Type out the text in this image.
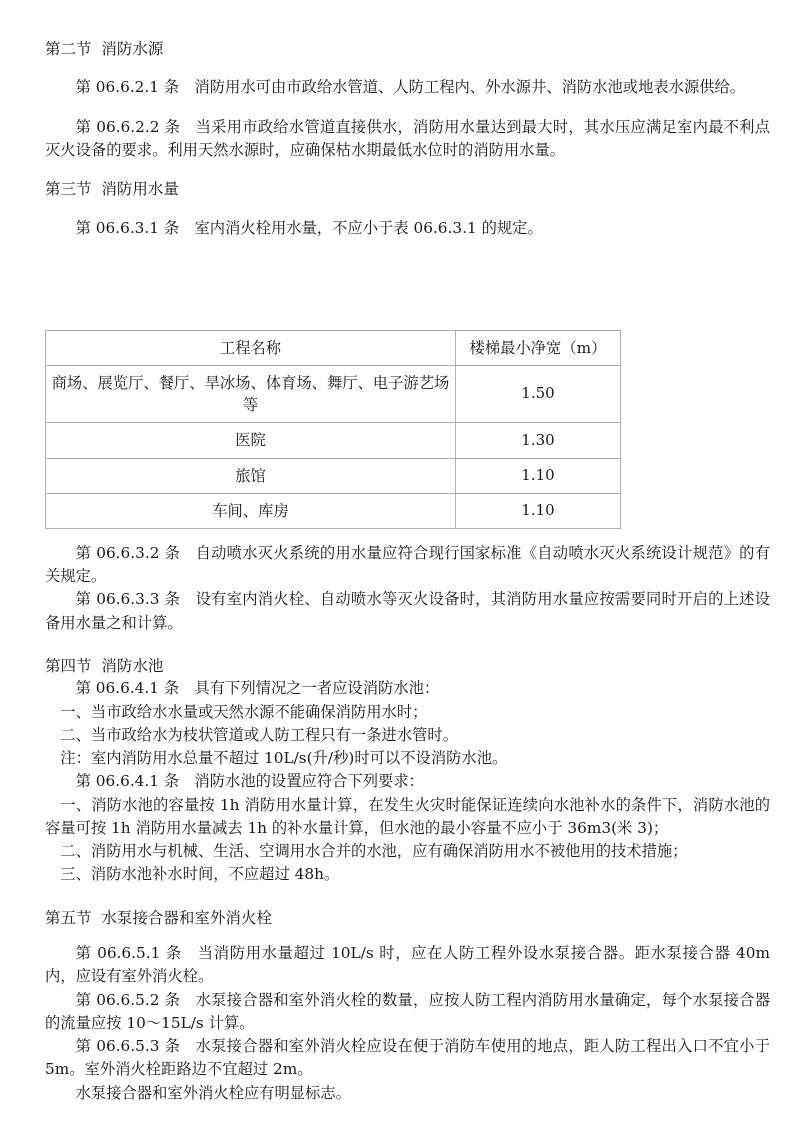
第二节  消防水源
第 06.6.2.1 条　消防用水可由市政给水管道、人防工程内、外水源井、消防水池或地表水源供给。
第 06.6.2.2 条　当采用市政给水管道直接供水，消防用水量达到最大时，其水压应满足室内最不利点灭火设备的要求。利用天然水源时，应确保枯水期最低水位时的消防用水量。
第三节  消防用水量
第 06.6.3.1 条　室内消火栓用水量，不应小于表 06.6.3.1 的规定。
工程名称	楼梯最小净宽（m）
商场、展览厅、餐厅、旱冰场、体育场、舞厅、电子游艺场等	1.50
医院	1.30
旅馆	1.10
车间、库房	1.10
第 06.6.3.2 条　自动喷水灭火系统的用水量应符合现行国家标准《自动喷水灭火系统设计规范》的有关规定。
第 06.6.3.3 条　设有室内消火栓、自动喷水等灭火设备时，其消防用水量应按需要同时开启的上述设备用水量之和计算。
第四节  消防水池
第 06.6.4.1 条　具有下列情况之一者应设消防水池：
一、当市政给水水量或天然水源不能确保消防用水时；
二、当市政给水为枝状管道或人防工程只有一条进水管时。
注：室内消防用水总量不超过 10L/s(升/秒)时可以不设消防水池。
第 06.6.4.1 条　消防水池的设置应符合下列要求：
一、消防水池的容量按 1h 消防用水量计算，在发生火灾时能保证连续向水池补水的条件下，消防水池的容量可按 1h 消防用水量减去 1h 的补水量计算，但水池的最小容量不应小于 36m3(米 3)；
二、消防用水与机械、生活、空调用水合并的水池，应有确保消防用水不被他用的技术措施；
三、消防水池补水时间，不应超过 48h。
第五节  水泵接合器和室外消火栓
第 06.6.5.1 条　当消防用水量超过 10L/s 时，应在人防工程外设水泵接合器。距水泵接合器 40m 内，应设有室外消火栓。
第 06.6.5.2 条　水泵接合器和室外消火栓的数量，应按人防工程内消防用水量确定，每个水泵接合器的流量应按 10～15L/s 计算。
第 06.6.5.3 条　水泵接合器和室外消火栓应设在便于消防车使用的地点，距人防工程出入口不宜小于 5m。室外消火栓距路边不宜超过 2m。
水泵接合器和室外消火栓应有明显标志。
